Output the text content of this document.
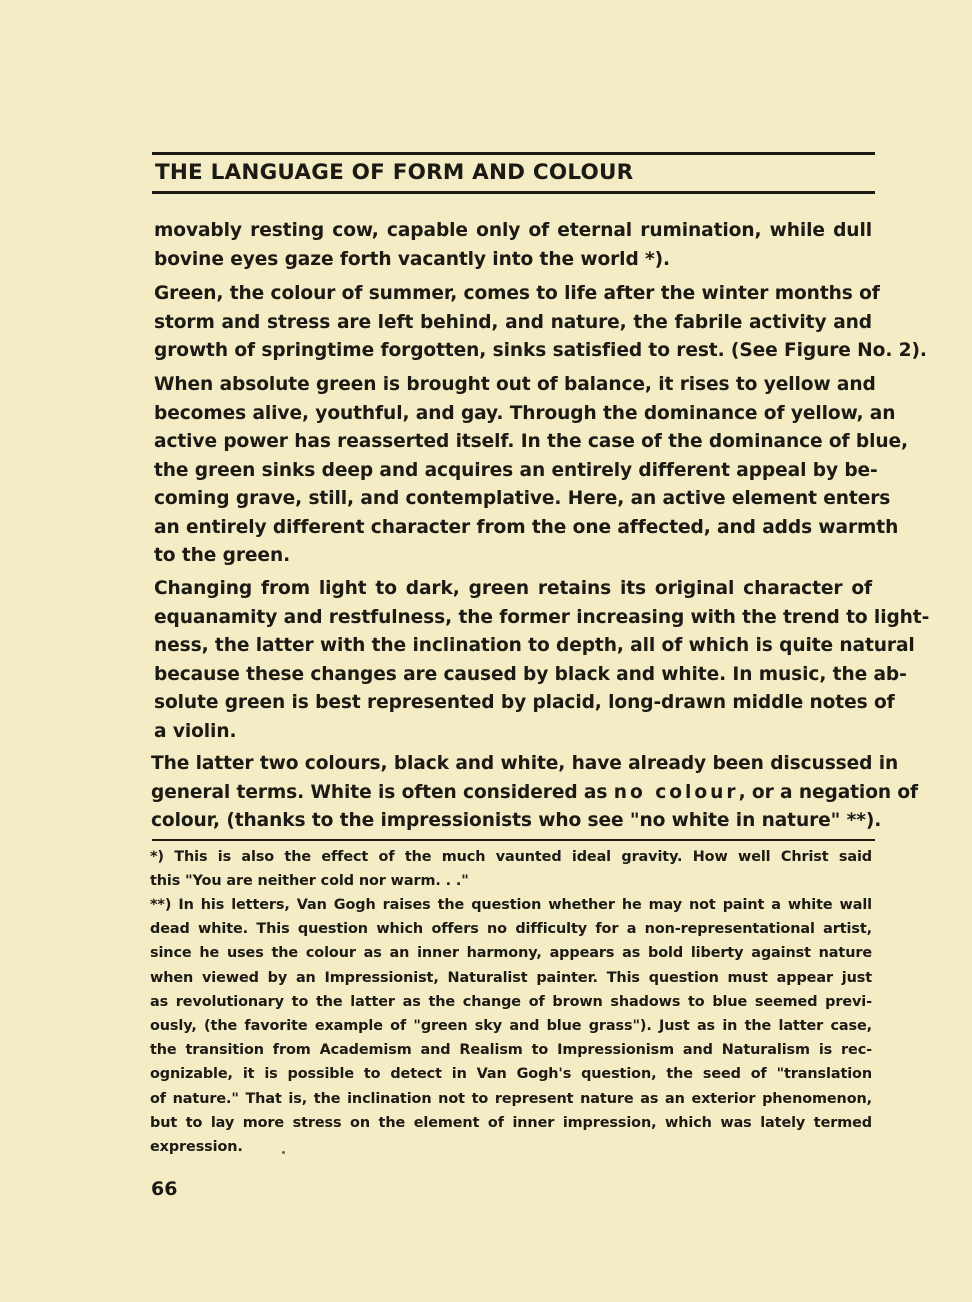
THE LANGUAGE OF FORM AND COLOUR
movably resting cow, capable only of eternal rumination, while dull
bovine eyes gaze forth vacantly into the world *).
Green, the colour of summer, comes to life after the winter months of
storm and stress are left behind, and nature, the fabrile activity and
growth of springtime forgotten, sinks satisfied to rest. (See Figure No. 2).
When absolute green is brought out of balance, it rises to yellow and
becomes alive, youthful, and gay. Through the dominance of yellow, an
active power has reasserted itself. In the case of the dominance of blue,
the green sinks deep and acquires an entirely different appeal by be-
coming grave, still, and contemplative. Here, an active element enters
an entirely different character from the one affected, and adds warmth
to the green.
Changing from light to dark, green retains its original character of
equanamity and restfulness, the former increasing with the trend to light-
ness, the latter with the inclination to depth, all of which is quite natural
because these changes are caused by black and white. In music, the ab-
solute green is best represented by placid, long-drawn middle notes of
a violin.
The latter two colours, black and white, have already been discussed in
general terms. White is often considered as no colour, or a negation of
colour, (thanks to the impressionists who see "no white in nature" **).
*) This is also the effect of the much vaunted ideal gravity. How well Christ said
this "You are neither cold nor warm. . ."
**) In his letters, Van Gogh raises the question whether he may not paint a white wall
dead white. This question which offers no difficulty for a non-representational artist,
since he uses the colour as an inner harmony, appears as bold liberty against nature
when viewed by an Impressionist, Naturalist painter. This question must appear just
as revolutionary to the latter as the change of brown shadows to blue seemed previ-
ously, (the favorite example of "green sky and blue grass"). Just as in the latter case,
the transition from Academism and Realism to Impressionism and Naturalism is rec-
ognizable, it is possible to detect in Van Gogh's question, the seed of "translation
of nature." That is, the inclination not to represent nature as an exterior phenomenon,
but to lay more stress on the element of inner impression, which was lately termed
expression.
66
